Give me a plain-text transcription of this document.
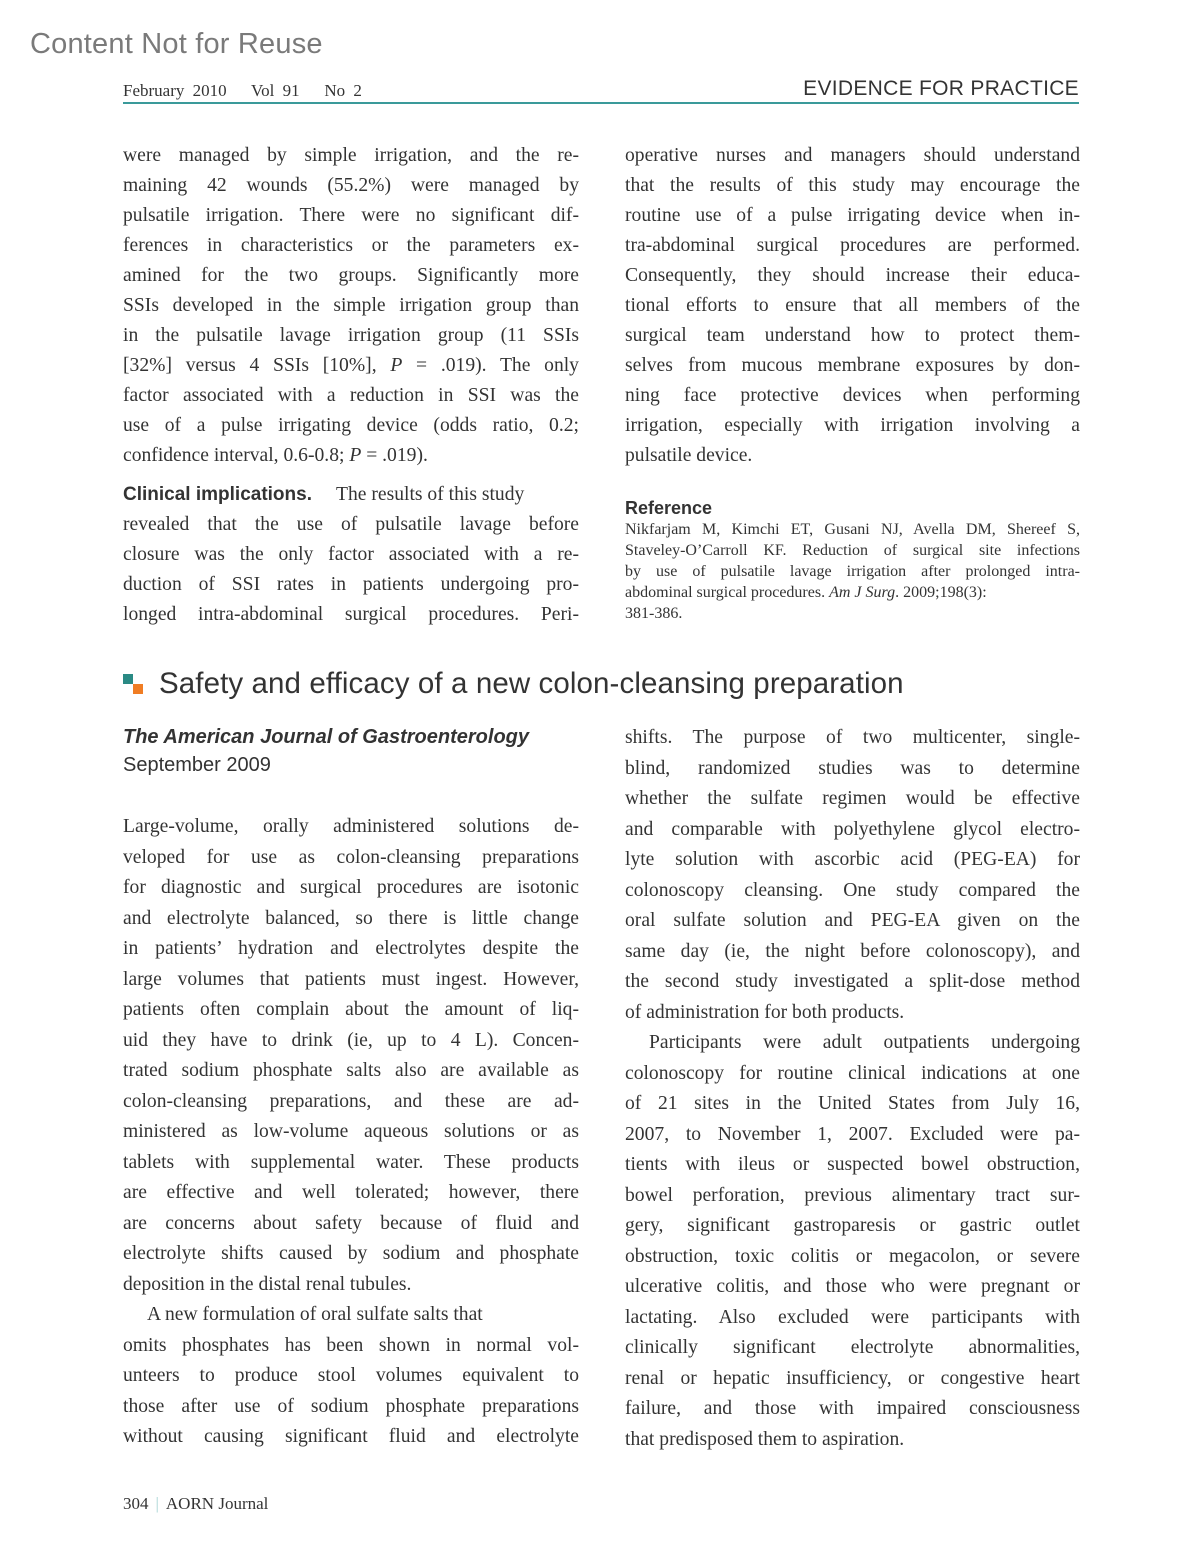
Content Not for Reuse
February 2010   Vol 91   No 2	EVIDENCE FOR PRACTICE
were managed by simple irrigation, and the re-
maining 42 wounds (55.2%) were managed by
pulsatile irrigation. There were no significant dif-
ferences in characteristics or the parameters ex-
amined for the two groups. Significantly more
SSIs developed in the simple irrigation group than
in the pulsatile lavage irrigation group (11 SSIs
[32%] versus 4 SSIs [10%], P = .019). The only
factor associated with a reduction in SSI was the
use of a pulse irrigating device (odds ratio, 0.2;
confidence interval, 0.6-0.8; P = .019).
Clinical implications. The results of this study
revealed that the use of pulsatile lavage before
closure was the only factor associated with a re-
duction of SSI rates in patients undergoing pro-
longed intra-abdominal surgical procedures. Peri-
operative nurses and managers should understand
that the results of this study may encourage the
routine use of a pulse irrigating device when in-
tra-abdominal surgical procedures are performed.
Consequently, they should increase their educa-
tional efforts to ensure that all members of the
surgical team understand how to protect them-
selves from mucous membrane exposures by don-
ning face protective devices when performing
irrigation, especially with irrigation involving a
pulsatile device.
Reference
Nikfarjam M, Kimchi ET, Gusani NJ, Avella DM, Shereef S,
Staveley-O’Carroll KF. Reduction of surgical site infections
by use of pulsatile lavage irrigation after prolonged intra-
abdominal surgical procedures. Am J Surg. 2009;198(3):
381-386.
Safety and efficacy of a new colon-cleansing preparation
The American Journal of Gastroenterology
September 2009
Large-volume, orally administered solutions de-
veloped for use as colon-cleansing preparations
for diagnostic and surgical procedures are isotonic
and electrolyte balanced, so there is little change
in patients’ hydration and electrolytes despite the
large volumes that patients must ingest. However,
patients often complain about the amount of liq-
uid they have to drink (ie, up to 4 L). Concen-
trated sodium phosphate salts also are available as
colon-cleansing preparations, and these are ad-
ministered as low-volume aqueous solutions or as
tablets with supplemental water. These products
are effective and well tolerated; however, there
are concerns about safety because of fluid and
electrolyte shifts caused by sodium and phosphate
deposition in the distal renal tubules.
A new formulation of oral sulfate salts that
omits phosphates has been shown in normal vol-
unteers to produce stool volumes equivalent to
those after use of sodium phosphate preparations
without causing significant fluid and electrolyte
shifts. The purpose of two multicenter, single-
blind, randomized studies was to determine
whether the sulfate regimen would be effective
and comparable with polyethylene glycol electro-
lyte solution with ascorbic acid (PEG-EA) for
colonoscopy cleansing. One study compared the
oral sulfate solution and PEG-EA given on the
same day (ie, the night before colonoscopy), and
the second study investigated a split-dose method
of administration for both products.
Participants were adult outpatients undergoing
colonoscopy for routine clinical indications at one
of 21 sites in the United States from July 16,
2007, to November 1, 2007. Excluded were pa-
tients with ileus or suspected bowel obstruction,
bowel perforation, previous alimentary tract sur-
gery, significant gastroparesis or gastric outlet
obstruction, toxic colitis or megacolon, or severe
ulcerative colitis, and those who were pregnant or
lactating. Also excluded were participants with
clinically significant electrolyte abnormalities,
renal or hepatic insufficiency, or congestive heart
failure, and those with impaired consciousness
that predisposed them to aspiration.
304 | AORN Journal
